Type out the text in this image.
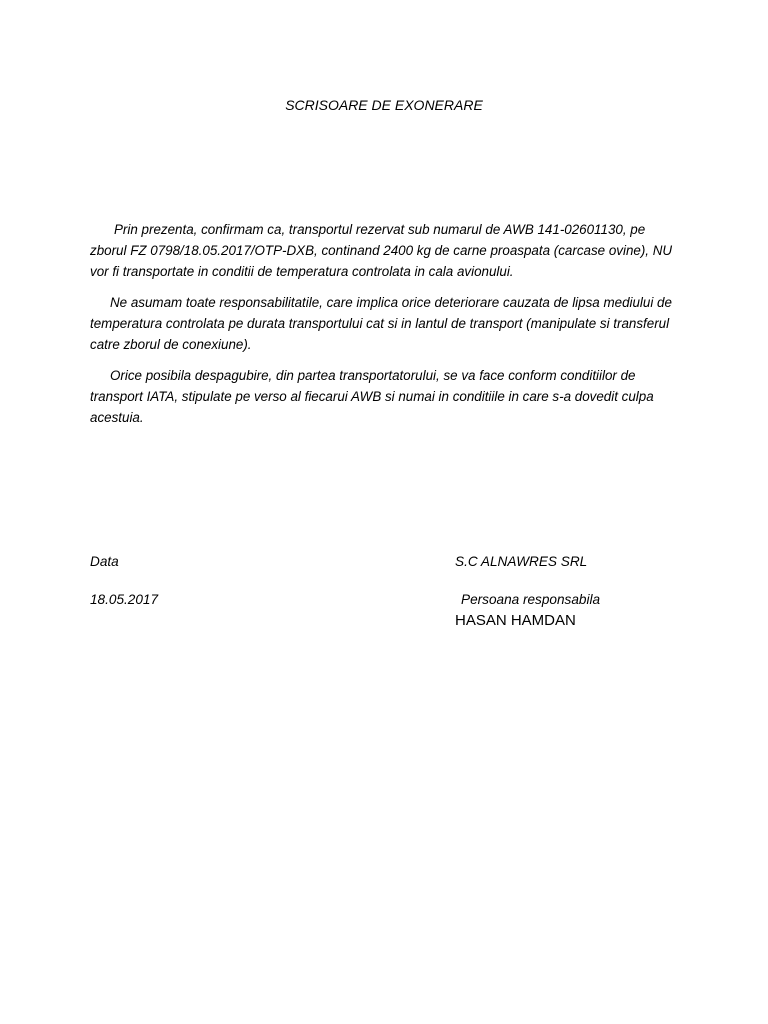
SCRISOARE DE EXONERARE

Prin prezenta, confirmam ca, transportul rezervat sub numarul de AWB 141-02601130, pe zborul FZ 0798/18.05.2017/OTP-DXB, continand 2400 kg de carne proaspata (carcase ovine), NU vor fi transportate in conditii de temperatura controlata in cala avionului.

Ne asumam toate responsabilitatile, care implica orice deteriorare cauzata de lipsa mediului de temperatura controlata pe durata transportului cat si in lantul de transport (manipulate si transferul catre zborul de conexiune).

Orice posibila despagubire, din partea transportatorului, se va face conform conditiilor de transport IATA, stipulate pe verso al fiecarui AWB si numai in conditiile in care s-a dovedit culpa acestuia.

Data
18.05.2017
S.C ALNAWRES SRL
Persoana responsabila
HASAN HAMDAN
